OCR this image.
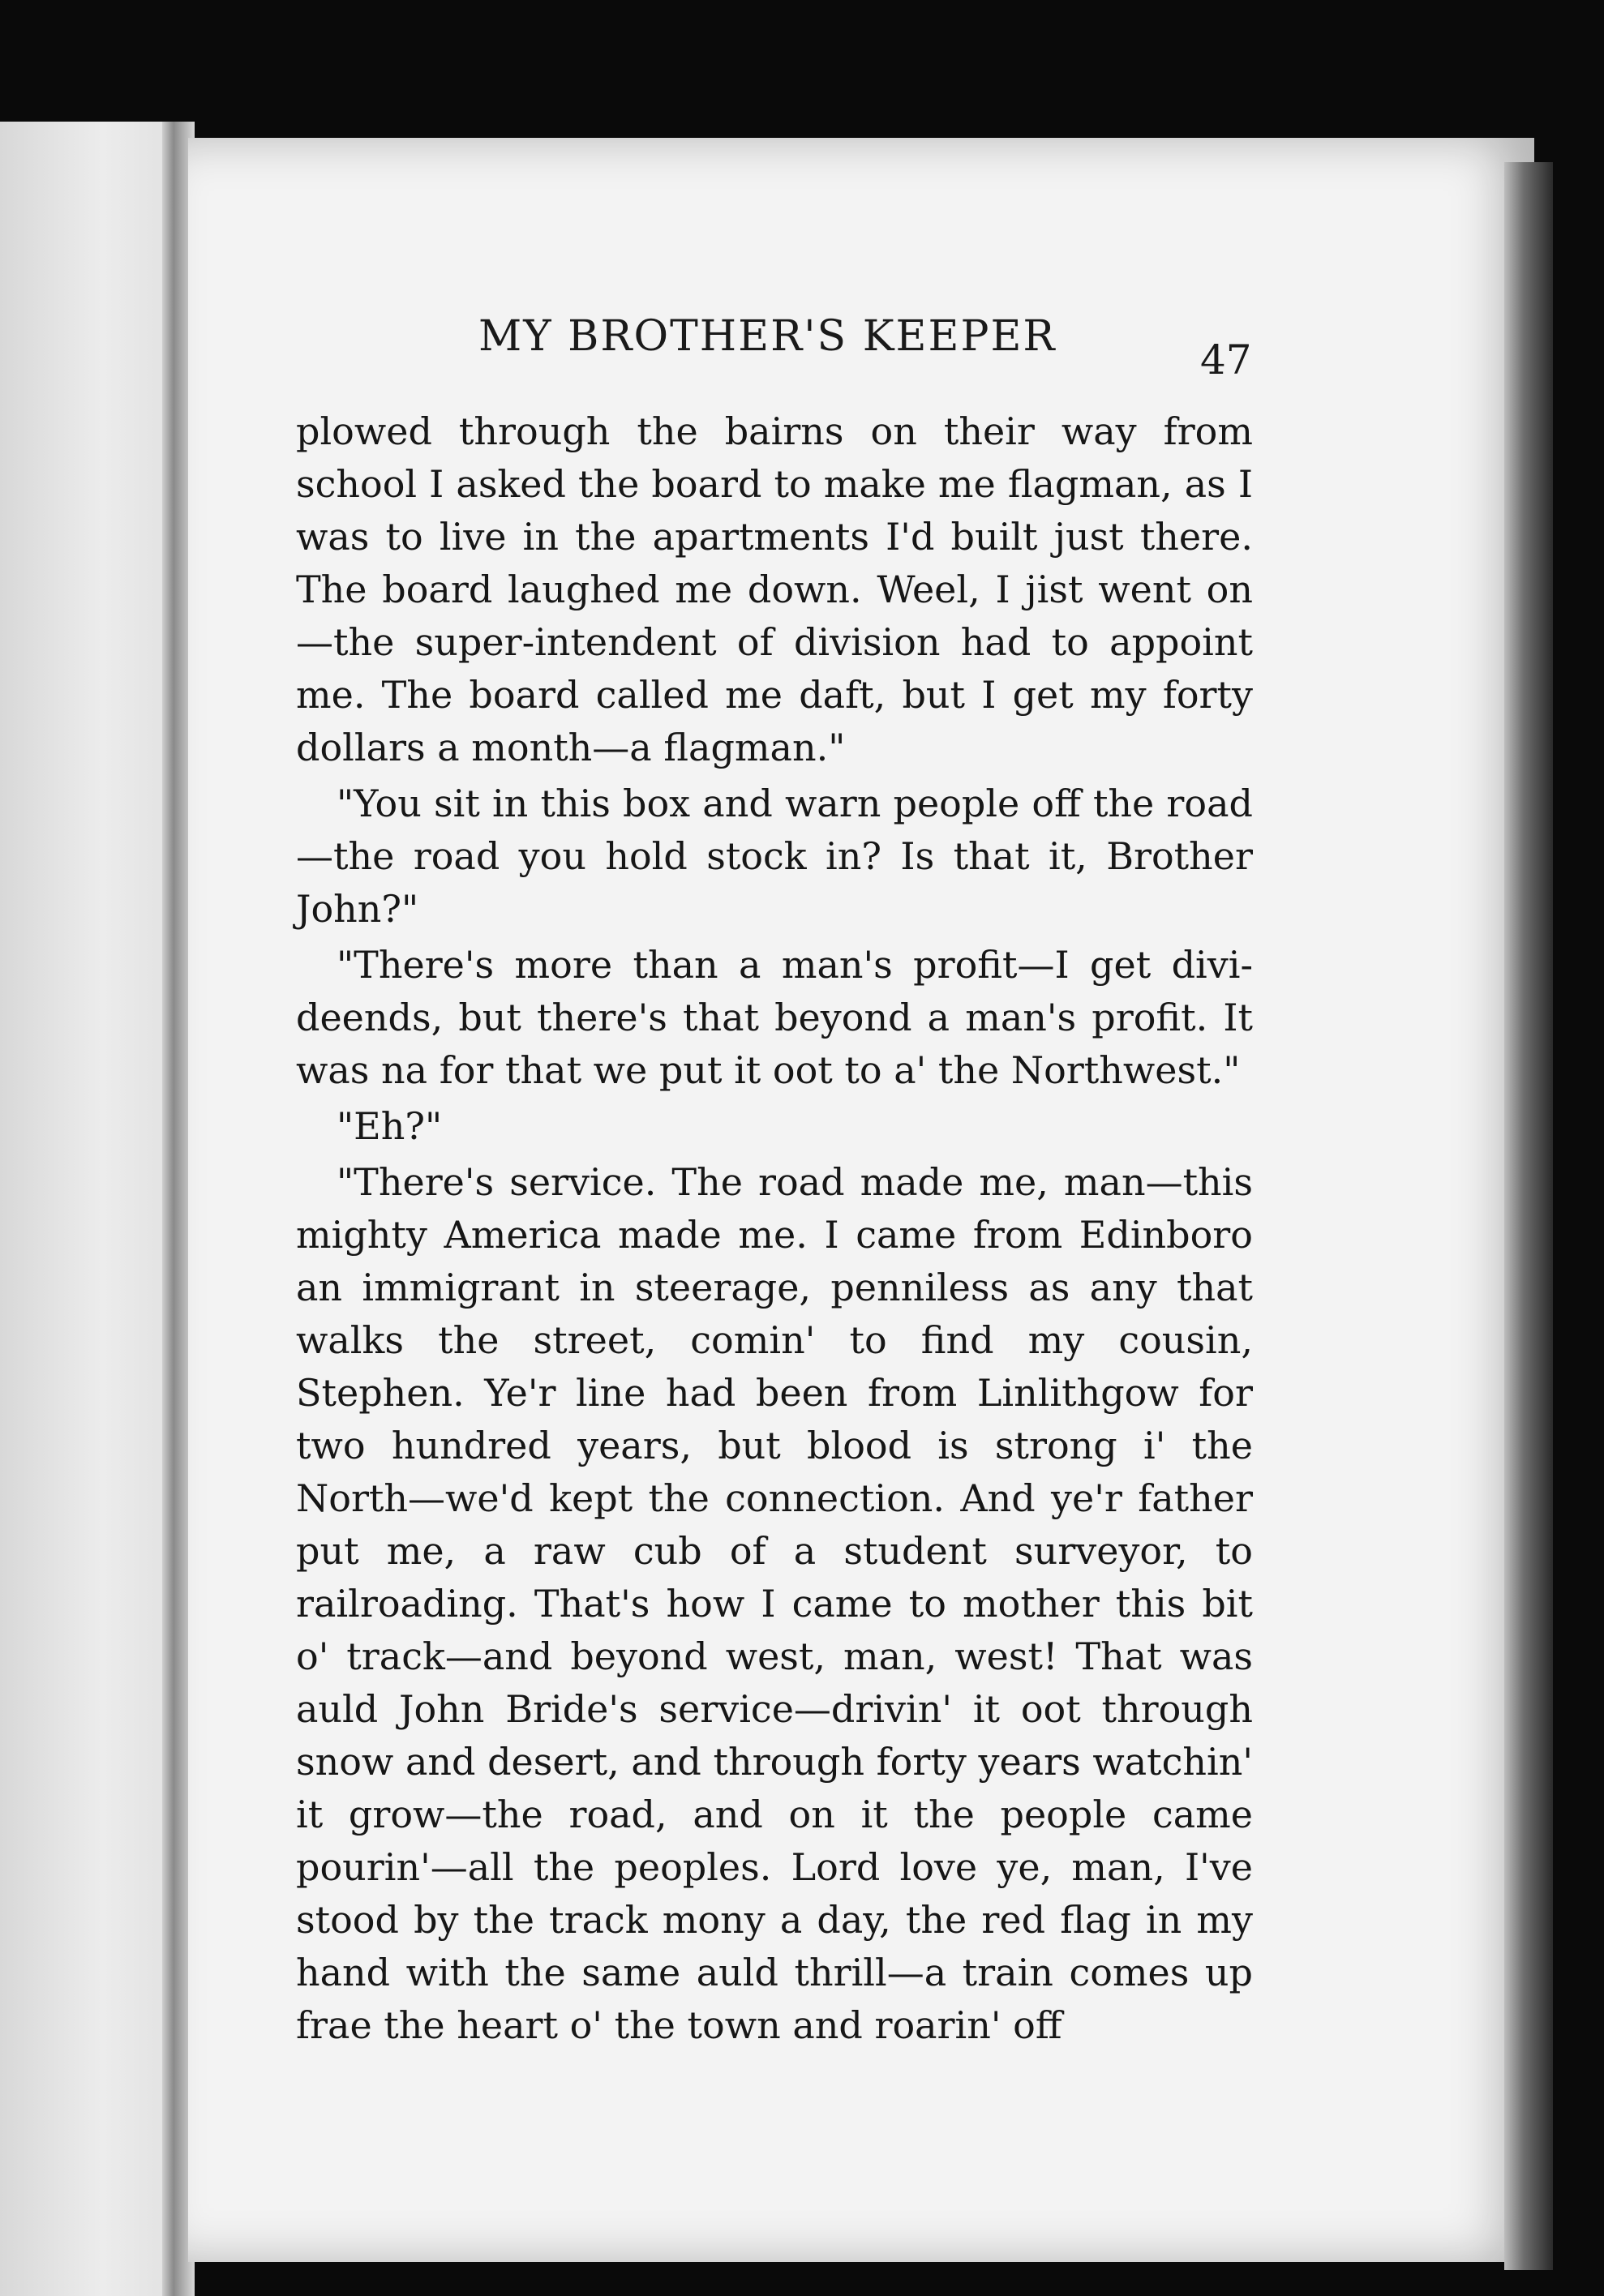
MY BROTHER'S KEEPER	47

plowed through the bairns on their way from school I asked the board to make me flagman, as I was to live in the apartments I'd built just there. The board laughed me down. Weel, I jist went on—the super-intendent of division had to appoint me. The board called me daft, but I get my forty dollars a month—a flagman."

"You sit in this box and warn people off the road—the road you hold stock in? Is that it, Brother John?"

"There's more than a man's profit—I get divi-deends, but there's that beyond a man's profit. It was na for that we put it oot to a' the Northwest."

"Eh?"

"There's service. The road made me, man—this mighty America made me. I came from Edinboro an immigrant in steerage, penniless as any that walks the street, comin' to find my cousin, Stephen. Ye'r line had been from Linlithgow for two hundred years, but blood is strong i' the North—we'd kept the connection. And ye'r father put me, a raw cub of a student surveyor, to railroading. That's how I came to mother this bit o' track—and beyond west, man, west! That was auld John Bride's service—drivin' it oot through snow and desert, and through forty years watchin' it grow—the road, and on it the people came pourin'—all the peoples. Lord love ye, man, I've stood by the track mony a day, the red flag in my hand with the same auld thrill—a train comes up frae the heart o' the town and roarin' off
